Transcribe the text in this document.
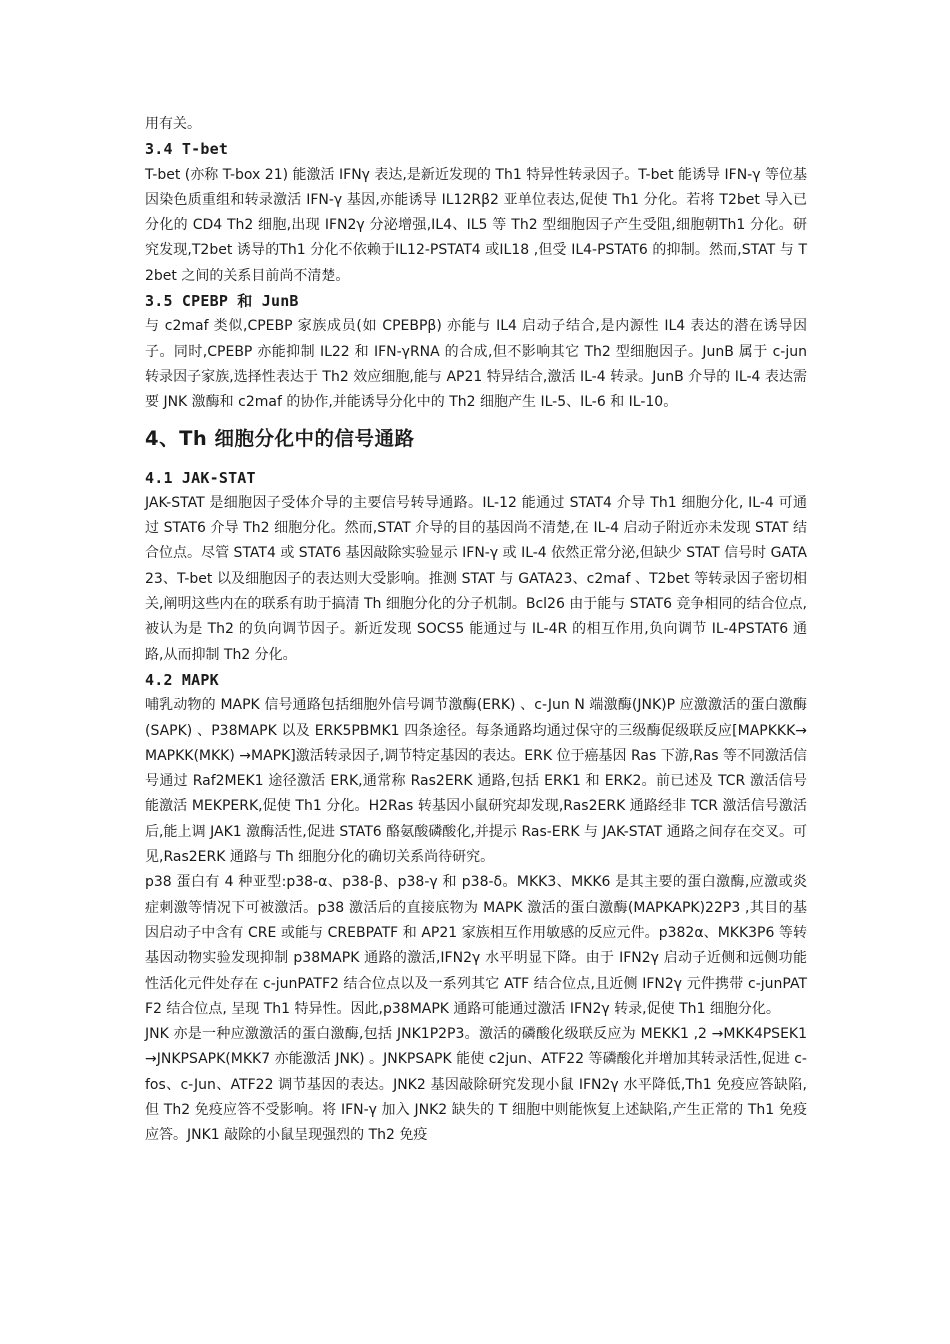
用有关。

3.4 T-bet

T-bet (亦称 T-box 21) 能激活 IFNγ 表达,是新近发现的 Th1 特异性转录因子。T-bet 能诱导 IFN-γ 等位基因染色质重组和转录激活 IFN-γ 基因,亦能诱导 IL12Rβ2 亚单位表达,促使 Th1 分化。若将 T2bet 导入已分化的 CD4 Th2 细胞,出现 IFN2γ 分泌增强,IL4、IL5 等 Th2 型细胞因子产生受阻,细胞朝Th1 分化。研究发现,T2bet 诱导的Th1 分化不依赖于IL12-PSTAT4 或IL18 ,但受 IL4-PSTAT6 的抑制。然而,STAT 与 T2bet 之间的关系目前尚不清楚。

3.5 CPEBP 和 JunB

与 c2maf 类似,CPEBP 家族成员(如 CPEBPβ) 亦能与 IL4 启动子结合,是内源性 IL4 表达的潜在诱导因子。同时,CPEBP 亦能抑制 IL22 和 IFN-γRNA 的合成,但不影响其它 Th2 型细胞因子。JunB 属于 c-jun 转录因子家族,选择性表达于 Th2 效应细胞,能与 AP21 特异结合,激活 IL-4 转录。JunB 介导的 IL-4 表达需要 JNK 激酶和 c2maf 的协作,并能诱导分化中的 Th2 细胞产生 IL-5、IL-6 和 IL-10。

4、Th 细胞分化中的信号通路
4.1 JAK-STAT

JAK-STAT 是细胞因子受体介导的主要信号转导通路。IL-12 能通过 STAT4 介导 Th1 细胞分化, IL-4 可通过 STAT6 介导 Th2 细胞分化。然而,STAT 介导的目的基因尚不清楚,在 IL-4 启动子附近亦未发现 STAT 结合位点。尽管 STAT4 或 STAT6 基因敲除实验显示 IFN-γ 或 IL-4 依然正常分泌,但缺少 STAT 信号时 GATA23、T-bet 以及细胞因子的表达则大受影响。推测 STAT 与 GATA23、c2maf 、T2bet 等转录因子密切相关,阐明这些内在的联系有助于搞清 Th 细胞分化的分子机制。Bcl26 由于能与 STAT6 竞争相同的结合位点,被认为是 Th2 的负向调节因子。新近发现 SOCS5 能通过与 IL-4R 的相互作用,负向调节 IL-4PSTAT6 通路,从而抑制 Th2 分化。

4.2 MAPK

哺乳动物的 MAPK 信号通路包括细胞外信号调节激酶(ERK) 、c-Jun N 端激酶(JNK)P 应激激活的蛋白激酶(SAPK) 、P38MAPK 以及 ERK5PBMK1 四条途径。每条通路均通过保守的三级酶促级联反应[MAPKKK→MAPKK(MKK) →MAPK]激活转录因子,调节特定基因的表达。ERK 位于癌基因 Ras 下游,Ras 等不同激活信号通过 Raf2MEK1 途径激活 ERK,通常称 Ras2ERK 通路,包括 ERK1 和 ERK2。前已述及 TCR 激活信号能激活 MEKPERK,促使 Th1 分化。H2Ras 转基因小鼠研究却发现,Ras2ERK 通路经非 TCR 激活信号激活后,能上调 JAK1 激酶活性,促进 STAT6 酪氨酸磷酸化,并提示 Ras-ERK 与 JAK-STAT 通路之间存在交叉。可见,Ras2ERK 通路与 Th 细胞分化的确切关系尚待研究。

p38 蛋白有 4 种亚型:p38-α、p38-β、p38-γ 和 p38-δ。MKK3、MKK6 是其主要的蛋白激酶,应激或炎症刺激等情况下可被激活。p38 激活后的直接底物为 MAPK 激活的蛋白激酶(MAPKAPK)22P3 ,其目的基因启动子中含有 CRE 或能与 CREBPATF 和 AP21 家族相互作用敏感的反应元件。p382α、MKK3P6 等转基因动物实验发现抑制 p38MAPK 通路的激活,IFN2γ 水平明显下降。由于 IFN2γ 启动子近侧和远侧功能性活化元件处存在 c-junPATF2 结合位点以及一系列其它 ATF 结合位点,且近侧 IFN2γ 元件携带 c-junPATF2 结合位点, 呈现 Th1 特异性。因此,p38MAPK 通路可能通过激活 IFN2γ 转录,促使 Th1 细胞分化。

JNK 亦是一种应激激活的蛋白激酶,包括 JNK1P2P3。激活的磷酸化级联反应为 MEKK1 ,2 →MKK4PSEK1 →JNKPSAPK(MKK7 亦能激活 JNK) 。JNKPSAPK 能使 c2jun、ATF22 等磷酸化并增加其转录活性,促进 c-fos、c-Jun、ATF22 调节基因的表达。JNK2 基因敲除研究发现小鼠 IFN2γ 水平降低,Th1 免疫应答缺陷,但 Th2 免疫应答不受影响。将 IFN-γ 加入 JNK2 缺失的 T 细胞中则能恢复上述缺陷,产生正常的 Th1 免疫应答。JNK1 敲除的小鼠呈现强烈的 Th2 免疫
